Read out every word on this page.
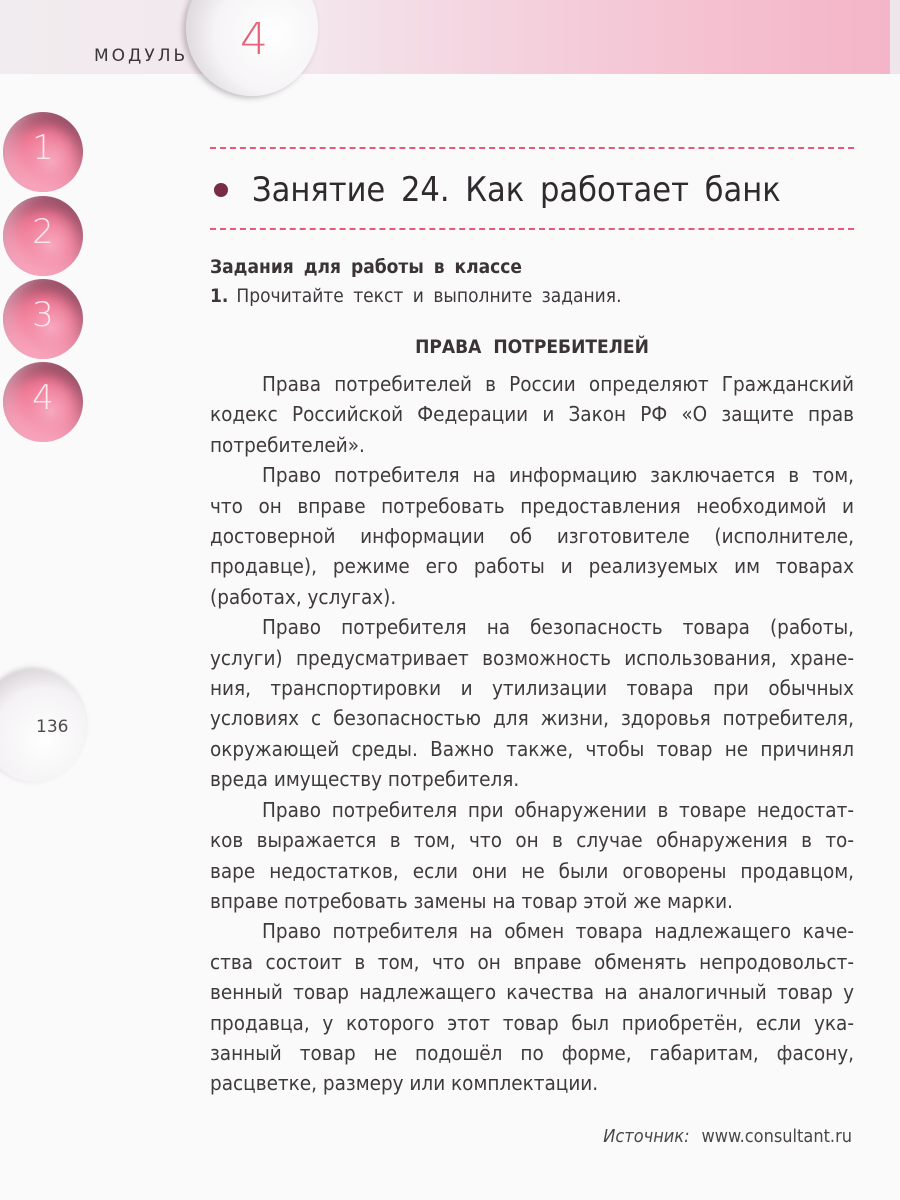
МОДУЛЬ 4
1
2
3
4
136
Занятие 24. Как работает банк
Задания для работы в классе
1. Прочитайте текст и выполните задания.
ПРАВА ПОТРЕБИТЕЛЕЙ
Права потребителей в России определяют Гражданский
кодекс Российской Федерации и Закон РФ «О защите прав
потребителей».
Право потребителя на информацию заключается в том,
что он вправе потребовать предоставления необходимой и
достоверной информации об изготовителе (исполнителе,
продавце), режиме его работы и реализуемых им товарах
(работах, услугах).
Право потребителя на безопасность товара (работы,
услуги) предусматривает возможность использования, хране-
ния, транспортировки и утилизации товара при обычных
условиях с безопасностью для жизни, здоровья потребителя,
окружающей среды. Важно также, чтобы товар не причинял
вреда имуществу потребителя.
Право потребителя при обнаружении в товаре недостат-
ков выражается в том, что он в случае обнаружения в то-
варе недостатков, если они не были оговорены продавцом,
вправе потребовать замены на товар этой же марки.
Право потребителя на обмен товара надлежащего каче-
ства состоит в том, что он вправе обменять непродовольст-
венный товар надлежащего качества на аналогичный товар у
продавца, у которого этот товар был приобретён, если ука-
занный товар не подошёл по форме, габаритам, фасону,
расцветке, размеру или комплектации.
Источник: www.consultant.ru
